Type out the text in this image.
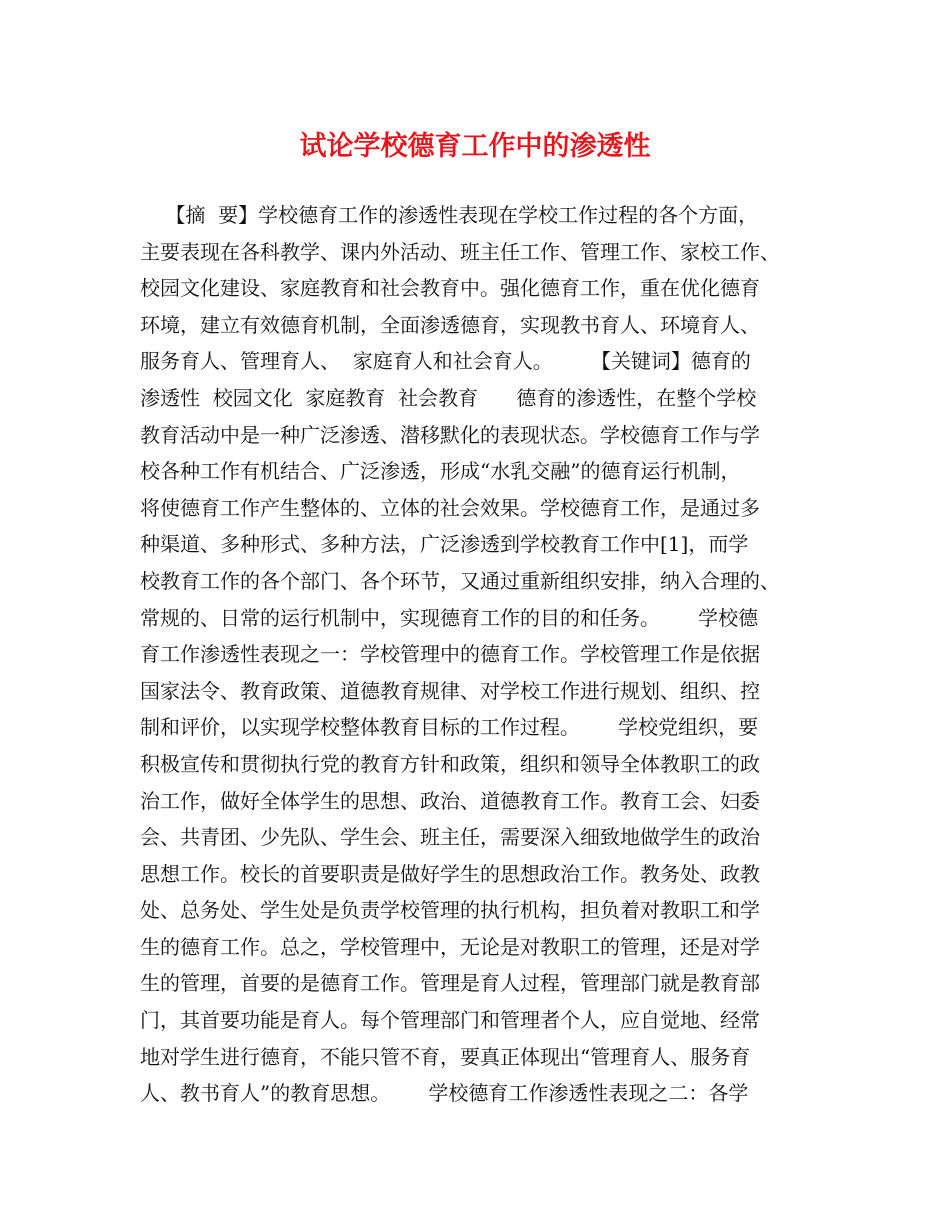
试论学校德育工作中的渗透性
【摘  要】学校德育工作的渗透性表现在学校工作过程的各个方面，
主要表现在各科教学、课内外活动、班主任工作、管理工作、家校工作、
校园文化建设、家庭教育和社会教育中。强化德育工作，重在优化德育
环境，建立有效德育机制，全面渗透德育，实现教书育人、环境育人、
服务育人、管理育人、  家庭育人和社会育人。      【关键词】德育的
渗透性  校园文化  家庭教育  社会教育      德育的渗透性，在整个学校
教育活动中是一种广泛渗透、潜移默化的表现状态。学校德育工作与学
校各种工作有机结合、广泛渗透，形成“水乳交融”的德育运行机制，
将使德育工作产生整体的、立体的社会效果。学校德育工作，是通过多
种渠道、多种形式、多种方法，广泛渗透到学校教育工作中[1]，而学
校教育工作的各个部门、各个环节，又通过重新组织安排，纳入合理的、
常规的、日常的运行机制中，实现德育工作的目的和任务。      学校德
育工作渗透性表现之一：学校管理中的德育工作。学校管理工作是依据
国家法令、教育政策、道德教育规律、对学校工作进行规划、组织、控
制和评价，以实现学校整体教育目标的工作过程。      学校党组织，要
积极宣传和贯彻执行党的教育方针和政策，组织和领导全体教职工的政
治工作，做好全体学生的思想、政治、道德教育工作。教育工会、妇委
会、共青团、少先队、学生会、班主任，需要深入细致地做学生的政治
思想工作。校长的首要职责是做好学生的思想政治工作。教务处、政教
处、总务处、学生处是负责学校管理的执行机构，担负着对教职工和学
生的德育工作。总之，学校管理中，无论是对教职工的管理，还是对学
生的管理，首要的是德育工作。管理是育人过程，管理部门就是教育部
门，其首要功能是育人。每个管理部门和管理者个人，应自觉地、经常
地对学生进行德育，不能只管不育，要真正体现出“管理育人、服务育
人、教书育人”的教育思想。      学校德育工作渗透性表现之二：各学
